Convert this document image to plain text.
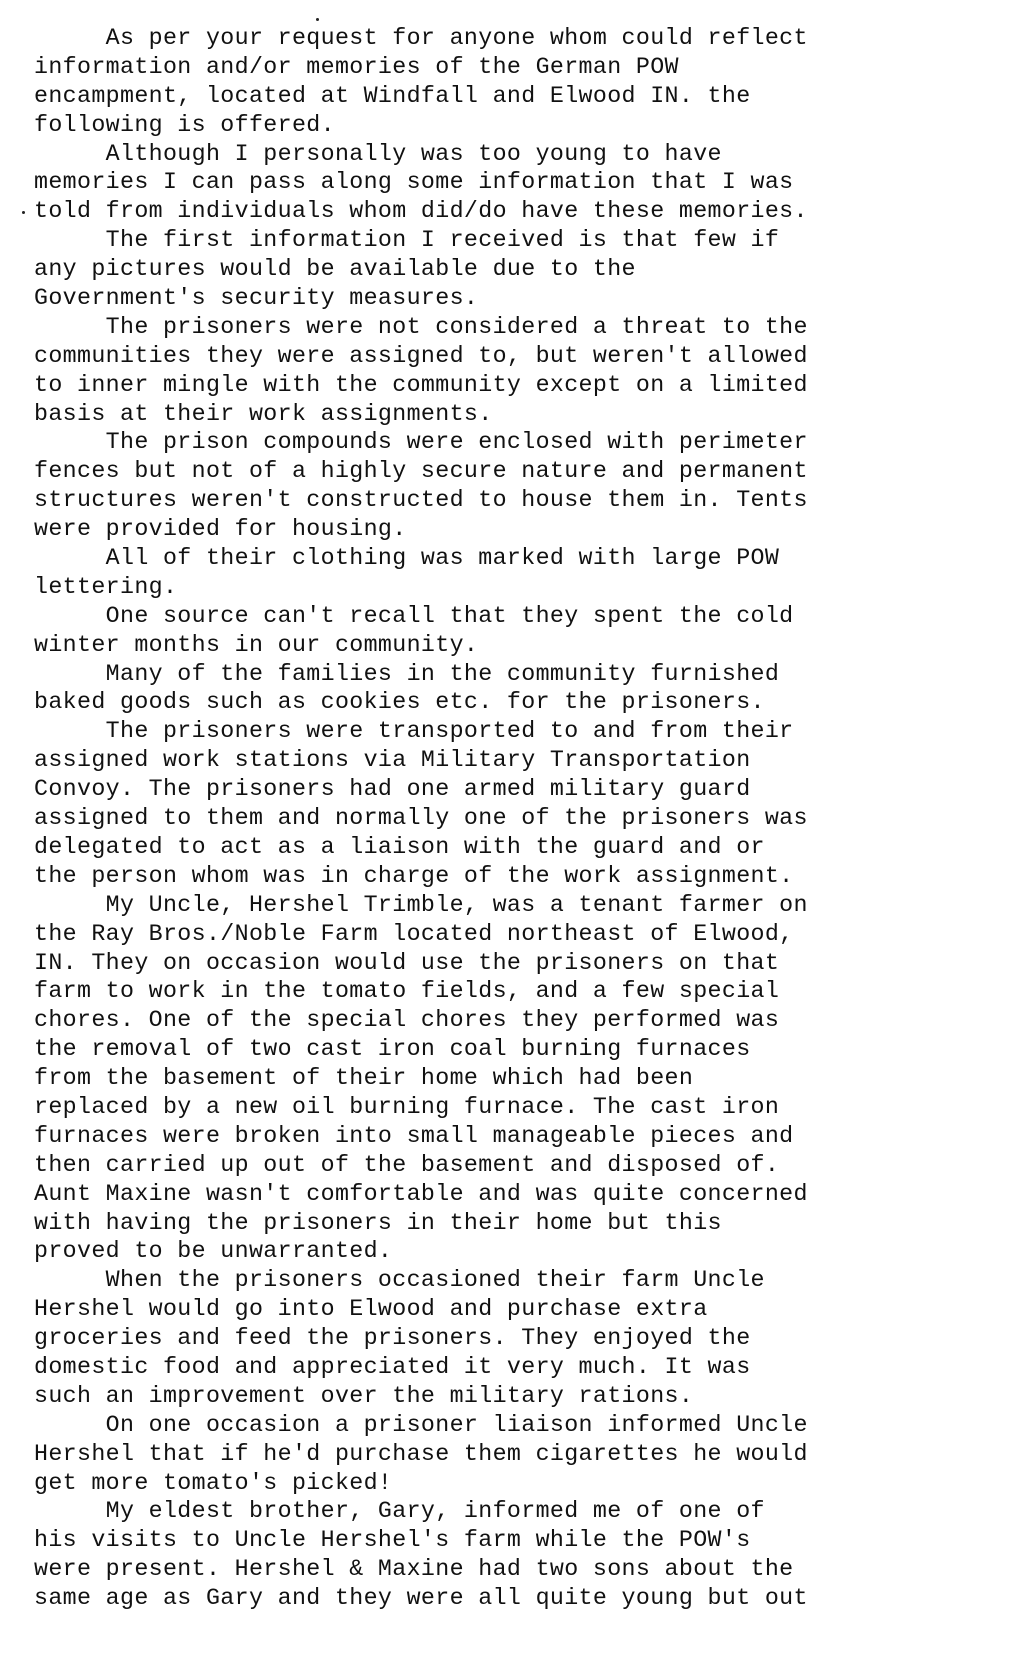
As per your request for anyone whom could reflect
information and/or memories of the German POW
encampment, located at Windfall and Elwood IN. the
following is offered.
Although I personally was too young to have
memories I can pass along some information that I was
told from individuals whom did/do have these memories.
The first information I received is that few if
any pictures would be available due to the
Government's security measures.
The prisoners were not considered a threat to the
communities they were assigned to, but weren't allowed
to inner mingle with the community except on a limited
basis at their work assignments.
The prison compounds were enclosed with perimeter
fences but not of a highly secure nature and permanent
structures weren't constructed to house them in. Tents
were provided for housing.
All of their clothing was marked with large POW
lettering.
One source can't recall that they spent the cold
winter months in our community.
Many of the families in the community furnished
baked goods such as cookies etc. for the prisoners.
The prisoners were transported to and from their
assigned work stations via Military Transportation
Convoy. The prisoners had one armed military guard
assigned to them and normally one of the prisoners was
delegated to act as a liaison with the guard and or
the person whom was in charge of the work assignment.
My Uncle, Hershel Trimble, was a tenant farmer on
the Ray Bros./Noble Farm located northeast of Elwood,
IN. They on occasion would use the prisoners on that
farm to work in the tomato fields, and a few special
chores. One of the special chores they performed was
the removal of two cast iron coal burning furnaces
from the basement of their home which had been
replaced by a new oil burning furnace. The cast iron
furnaces were broken into small manageable pieces and
then carried up out of the basement and disposed of.
Aunt Maxine wasn't comfortable and was quite concerned
with having the prisoners in their home but this
proved to be unwarranted.
When the prisoners occasioned their farm Uncle
Hershel would go into Elwood and purchase extra
groceries and feed the prisoners. They enjoyed the
domestic food and appreciated it very much. It was
such an improvement over the military rations.
On one occasion a prisoner liaison informed Uncle
Hershel that if he'd purchase them cigarettes he would
get more tomato's picked!
My eldest brother, Gary, informed me of one of
his visits to Uncle Hershel's farm while the POW's
were present. Hershel & Maxine had two sons about the
same age as Gary and they were all quite young but out
